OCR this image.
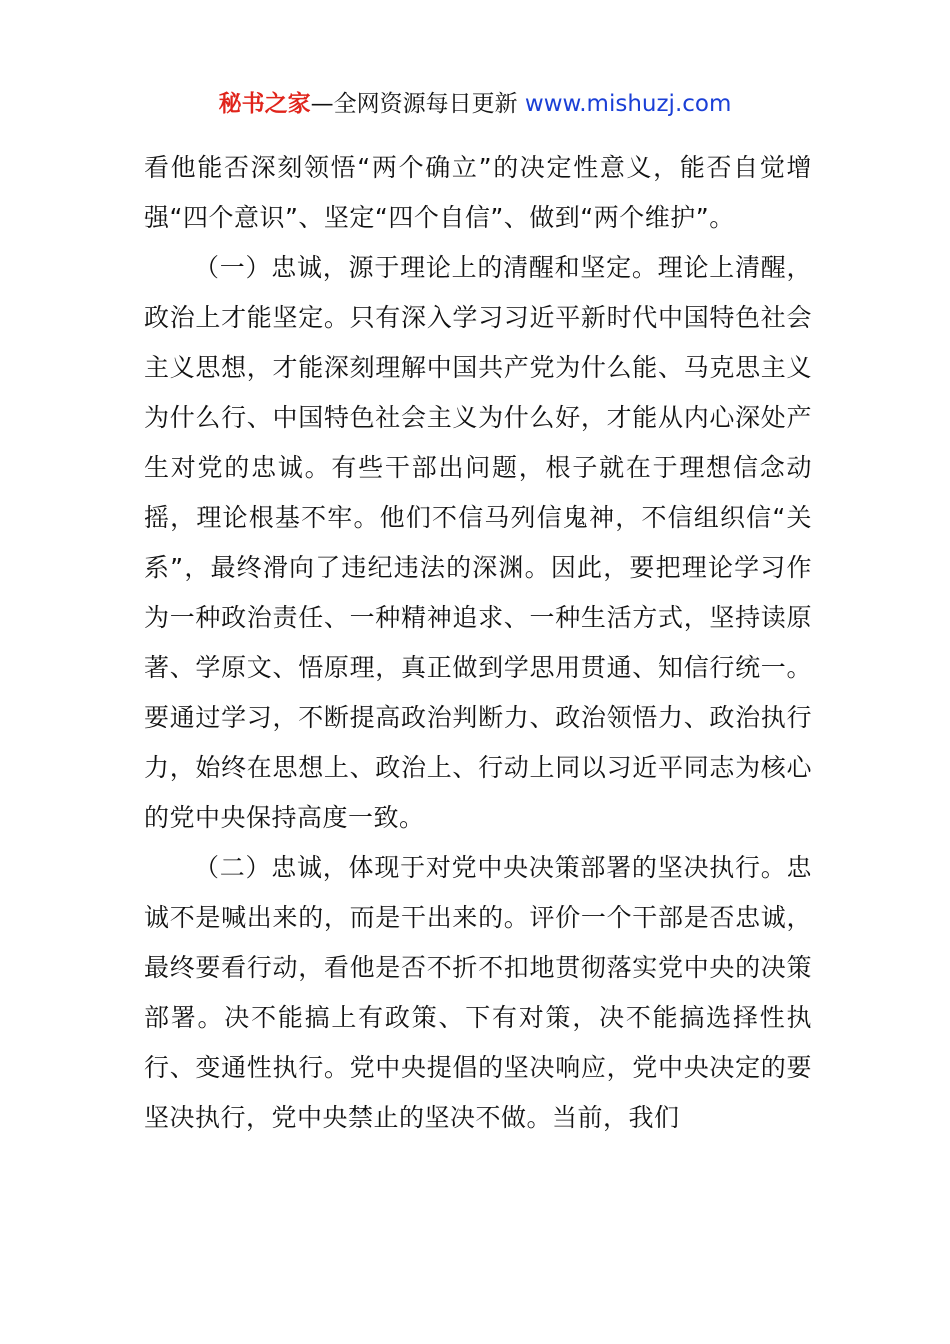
秘书之家—全网资源每日更新 www.mishuzj.com

看他能否深刻领悟“两个确立”的决定性意义，能否自觉增强“四个意识”、坚定“四个自信”、做到“两个维护”。

（一）忠诚，源于理论上的清醒和坚定。理论上清醒，政治上才能坚定。只有深入学习习近平新时代中国特色社会主义思想，才能深刻理解中国共产党为什么能、马克思主义为什么行、中国特色社会主义为什么好，才能从内心深处产生对党的忠诚。有些干部出问题，根子就在于理想信念动摇，理论根基不牢。他们不信马列信鬼神，不信组织信“关系”，最终滑向了违纪违法的深渊。因此，要把理论学习作为一种政治责任、一种精神追求、一种生活方式，坚持读原著、学原文、悟原理，真正做到学思用贯通、知信行统一。要通过学习，不断提高政治判断力、政治领悟力、政治执行力，始终在思想上、政治上、行动上同以习近平同志为核心的党中央保持高度一致。

（二）忠诚，体现于对党中央决策部署的坚决执行。忠诚不是喊出来的，而是干出来的。评价一个干部是否忠诚，最终要看行动，看他是否不折不扣地贯彻落实党中央的决策部署。决不能搞上有政策、下有对策，决不能搞选择性执行、变通性执行。党中央提倡的坚决响应，党中央决定的要坚决执行，党中央禁止的坚决不做。当前，我们
